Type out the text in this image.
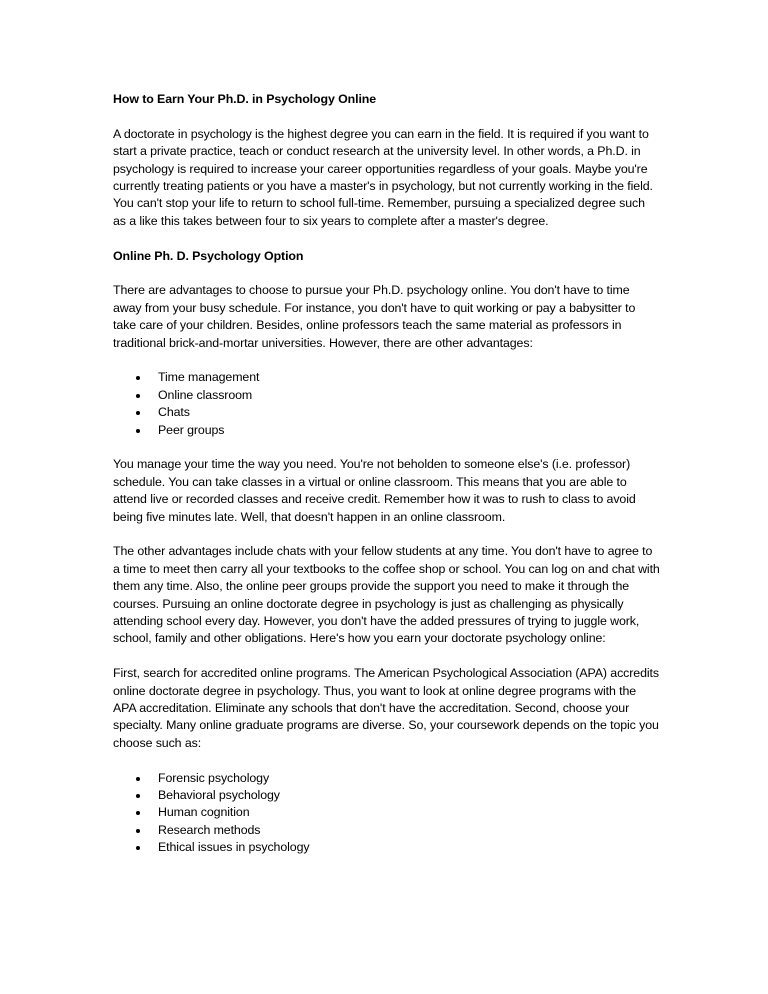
How to Earn Your Ph.D. in Psychology Online

A doctorate in psychology is the highest degree you can earn in the field. It is required if you want to start a private practice, teach or conduct research at the university level. In other words, a Ph.D. in psychology is required to increase your career opportunities regardless of your goals. Maybe you're currently treating patients or you have a master's in psychology, but not currently working in the field. You can't stop your life to return to school full-time. Remember, pursuing a specialized degree such as a like this takes between four to six years to complete after a master's degree.

Online Ph. D. Psychology Option

There are advantages to choose to pursue your Ph.D. psychology online. You don't have to time away from your busy schedule. For instance, you don't have to quit working or pay a babysitter to take care of your children. Besides, online professors teach the same material as professors in traditional brick-and-mortar universities. However, there are other advantages:

Time management
Online classroom
Chats
Peer groups

You manage your time the way you need. You're not beholden to someone else's (i.e. professor) schedule. You can take classes in a virtual or online classroom. This means that you are able to attend live or recorded classes and receive credit. Remember how it was to rush to class to avoid being five minutes late. Well, that doesn't happen in an online classroom.

The other advantages include chats with your fellow students at any time. You don't have to agree to a time to meet then carry all your textbooks to the coffee shop or school. You can log on and chat with them any time. Also, the online peer groups provide the support you need to make it through the courses. Pursuing an online doctorate degree in psychology is just as challenging as physically attending school every day. However, you don't have the added pressures of trying to juggle work, school, family and other obligations. Here's how you earn your doctorate psychology online:

First, search for accredited online programs. The American Psychological Association (APA) accredits online doctorate degree in psychology. Thus, you want to look at online degree programs with the APA accreditation. Eliminate any schools that don't have the accreditation. Second, choose your specialty. Many online graduate programs are diverse. So, your coursework depends on the topic you choose such as:

Forensic psychology
Behavioral psychology
Human cognition
Research methods
Ethical issues in psychology
